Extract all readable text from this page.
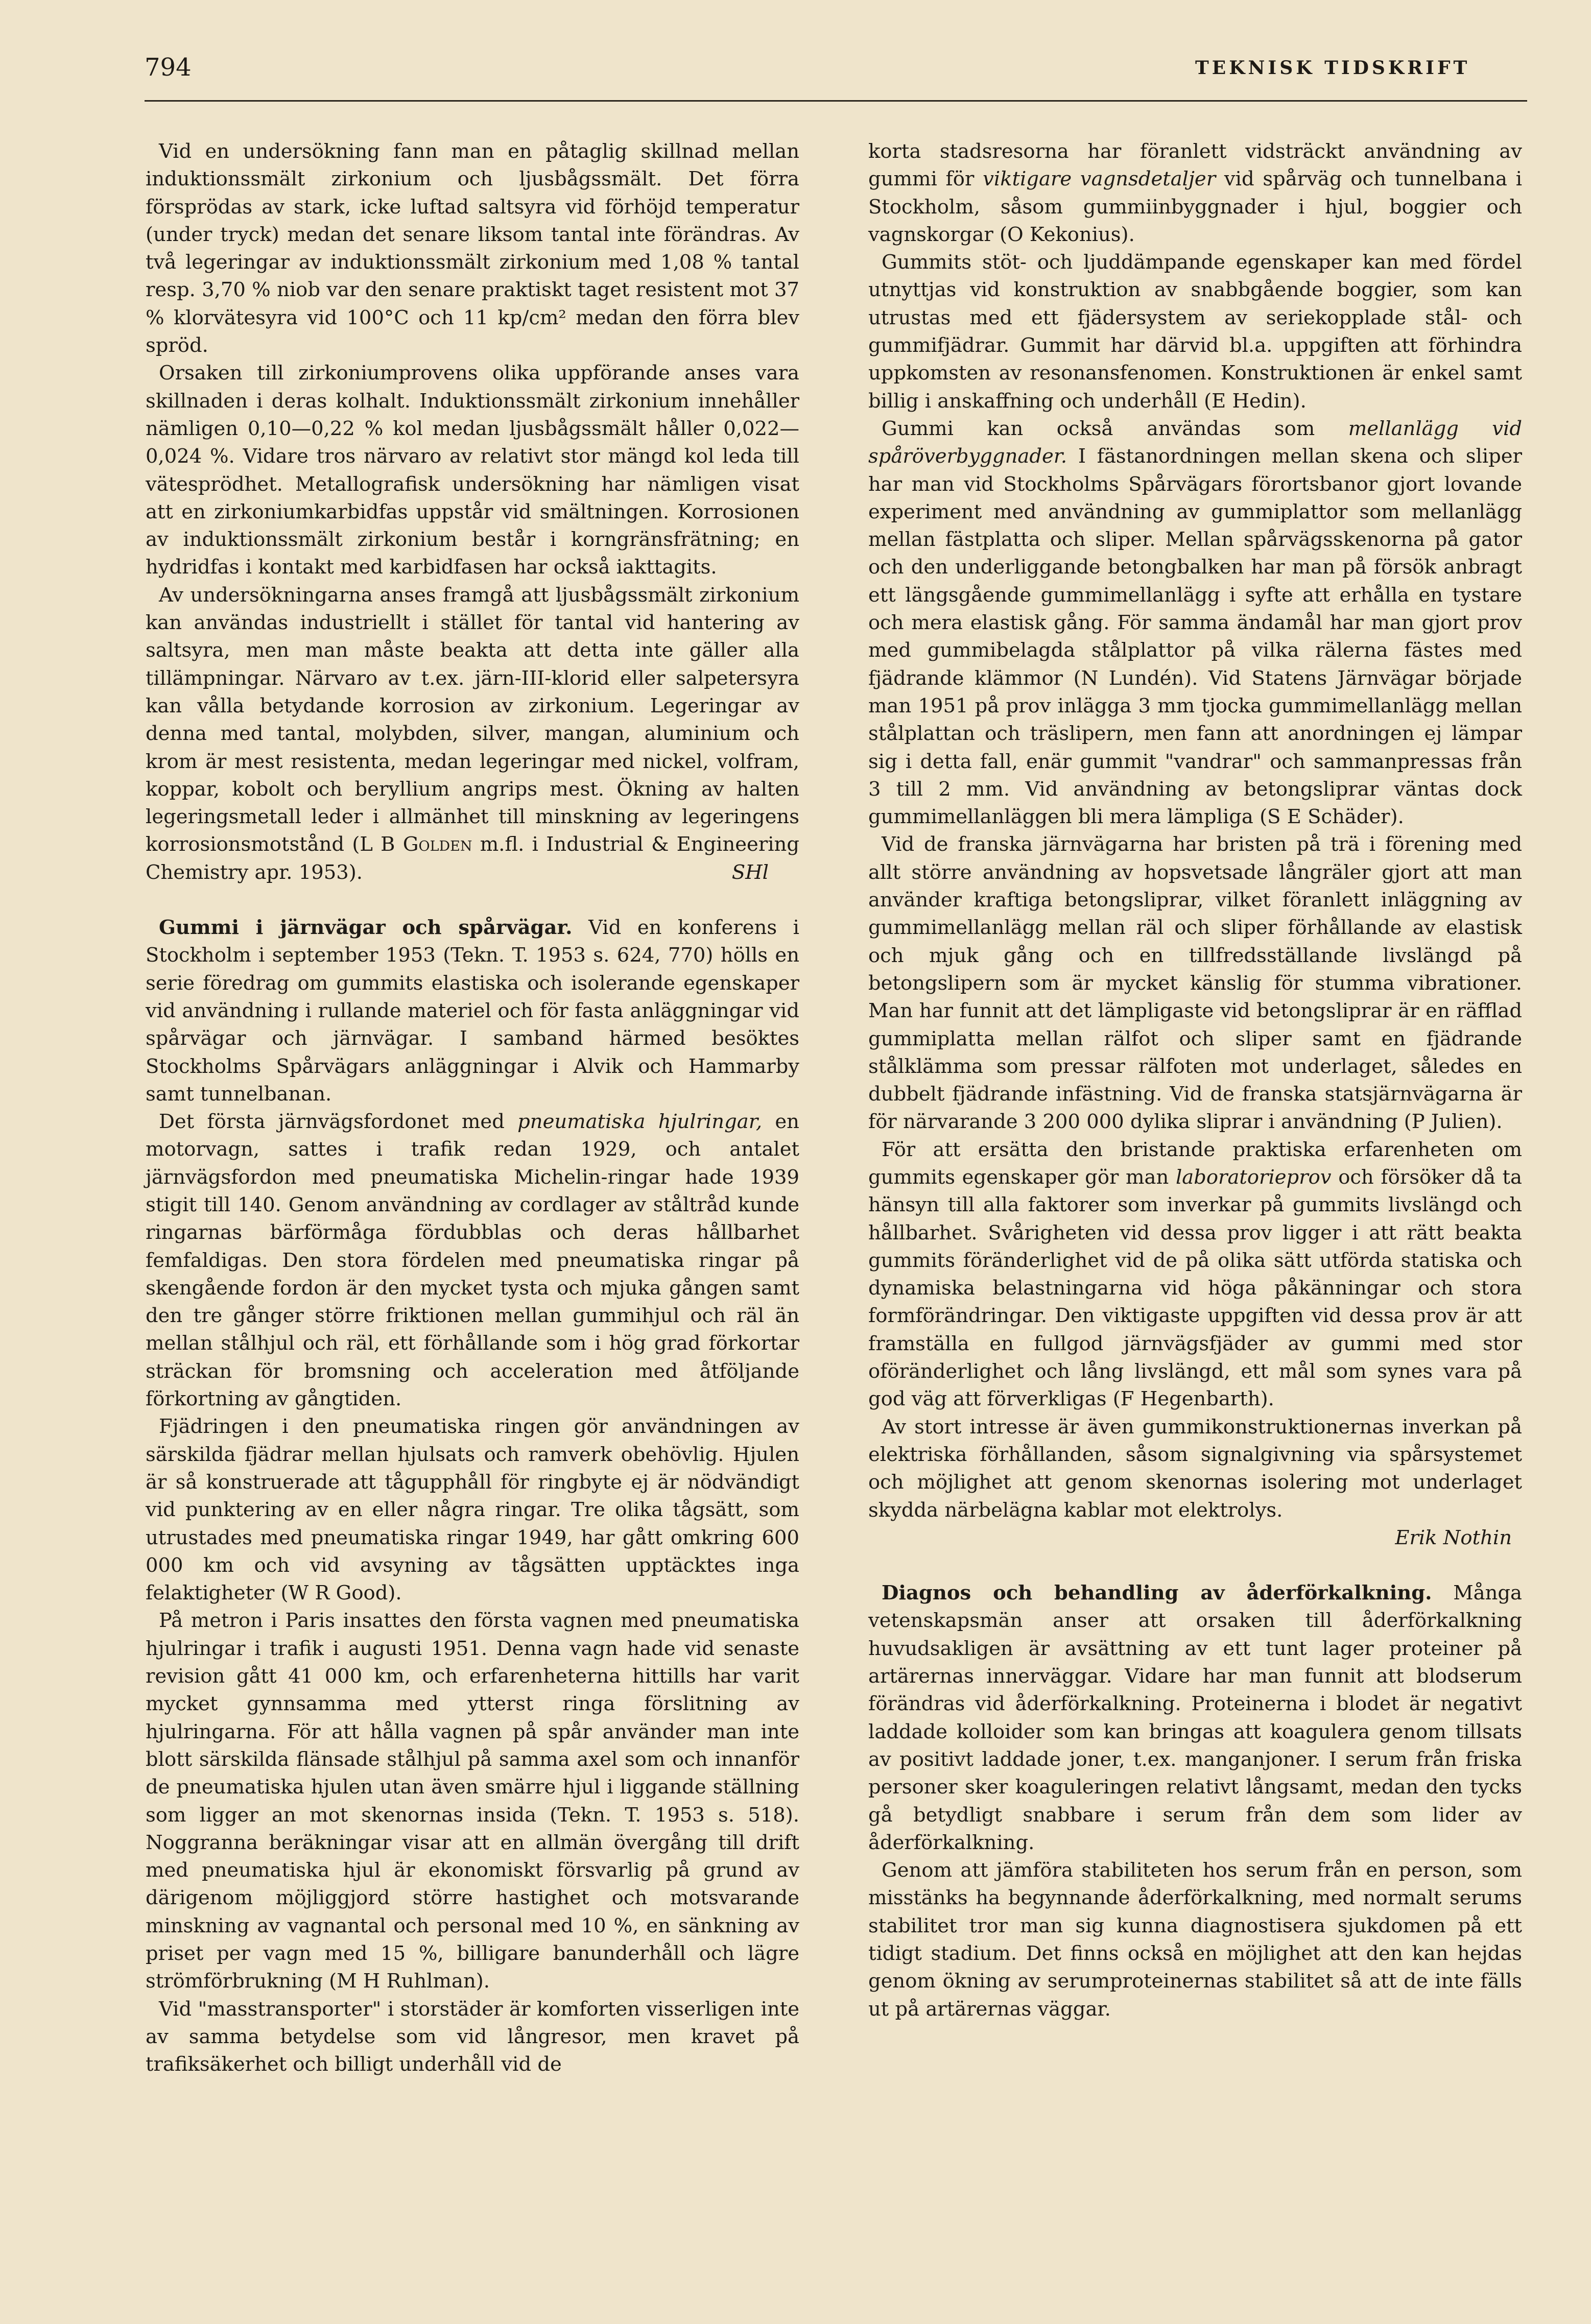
794	TEKNISK TIDSKRIFT

Vid en undersökning fann man en påtaglig skillnad mellan induktionssmält zirkonium och ljusbågssmält. Det förra försprödas av stark, icke luftad saltsyra vid förhöjd temperatur (under tryck) medan det senare liksom tantal inte förändras. Av två legeringar av induktionssmält zirkonium med 1,08 % tantal resp. 3,70 % niob var den senare praktiskt taget resistent mot 37 % klorvätesyra vid 100°C och 11 kp/cm² medan den förra blev spröd.

Orsaken till zirkoniumprovens olika uppförande anses vara skillnaden i deras kolhalt. Induktionssmält zirkonium innehåller nämligen 0,10—0,22 % kol medan ljusbågssmält håller 0,022—0,024 %. Vidare tros närvaro av relativt stor mängd kol leda till vätesprödhet. Metallografisk undersökning har nämligen visat att en zirkoniumkarbidfas uppstår vid smältningen. Korrosionen av induktionssmält zirkonium består i korngränsfrätning; en hydridfas i kontakt med karbidfasen har också iakttagits.

Av undersökningarna anses framgå att ljusbågssmält zirkonium kan användas industriellt i stället för tantal vid hantering av saltsyra, men man måste beakta att detta inte gäller alla tillämpningar. Närvaro av t.ex. järn-III-klorid eller salpetersyra kan vålla betydande korrosion av zirkonium. Legeringar av denna med tantal, molybden, silver, mangan, aluminium och krom är mest resistenta, medan legeringar med nickel, volfram, koppar, kobolt och beryllium angrips mest. Ökning av halten legeringsmetall leder i allmänhet till minskning av legeringens korrosionsmotstånd (L B Golden m.fl. i Industrial & Engineering Chemistry apr. 1953).	SHl

Gummi i järnvägar och spårvägar. Vid en konferens i Stockholm i september 1953 (Tekn. T. 1953 s. 624, 770) hölls en serie föredrag om gummits elastiska och isolerande egenskaper vid användning i rullande materiel och för fasta anläggningar vid spårvägar och järnvägar. I samband härmed besöktes Stockholms Spårvägars anläggningar i Alvik och Hammarby samt tunnelbanan.

Det första järnvägsfordonet med pneumatiska hjulringar, en motorvagn, sattes i trafik redan 1929, och antalet järnvägsfordon med pneumatiska Michelin-ringar hade 1939 stigit till 140. Genom användning av cordlager av ståltråd kunde ringarnas bärförmåga fördubblas och deras hållbarhet femfaldigas. Den stora fördelen med pneumatiska ringar på skengående fordon är den mycket tysta och mjuka gången samt den tre gånger större friktionen mellan gummihjul och räl än mellan stålhjul och räl, ett förhållande som i hög grad förkortar sträckan för bromsning och acceleration med åtföljande förkortning av gångtiden.

Fjädringen i den pneumatiska ringen gör användningen av särskilda fjädrar mellan hjulsats och ramverk obehövlig. Hjulen är så konstruerade att tågupphåll för ringbyte ej är nödvändigt vid punktering av en eller några ringar. Tre olika tågsätt, som utrustades med pneumatiska ringar 1949, har gått omkring 600 000 km och vid avsyning av tågsätten upptäcktes inga felaktigheter (W R Good).

På metron i Paris insattes den första vagnen med pneumatiska hjulringar i trafik i augusti 1951. Denna vagn hade vid senaste revision gått 41 000 km, och erfarenheterna hittills har varit mycket gynnsamma med ytterst ringa förslitning av hjulringarna. För att hålla vagnen på spår använder man inte blott särskilda flänsade stålhjul på samma axel som och innanför de pneumatiska hjulen utan även smärre hjul i liggande ställning som ligger an mot skenornas insida (Tekn. T. 1953 s. 518). Noggranna beräkningar visar att en allmän övergång till drift med pneumatiska hjul är ekonomiskt försvarlig på grund av därigenom möjliggjord större hastighet och motsvarande minskning av vagnantal och personal med 10 %, en sänkning av priset per vagn med 15 %, billigare banunderhåll och lägre strömförbrukning (M H Ruhlman).

Vid "masstransporter" i storstäder är komforten visserligen inte av samma betydelse som vid långresor, men kravet på trafiksäkerhet och billigt underhåll vid de

korta stadsresorna har föranlett vidsträckt användning av gummi för viktigare vagnsdetaljer vid spårväg och tunnelbana i Stockholm, såsom gummiinbyggnader i hjul, boggier och vagnskorgar (O Kekonius).

Gummits stöt- och ljuddämpande egenskaper kan med fördel utnyttjas vid konstruktion av snabbgående boggier, som kan utrustas med ett fjädersystem av seriekopplade stål- och gummifjädrar. Gummit har därvid bl.a. uppgiften att förhindra uppkomsten av resonansfenomen. Konstruktionen är enkel samt billig i anskaffning och underhåll (E Hedin).

Gummi kan också användas som mellanlägg vid spåröverbyggnader. I fästanordningen mellan skena och sliper har man vid Stockholms Spårvägars förortsbanor gjort lovande experiment med användning av gummiplattor som mellanlägg mellan fästplatta och sliper. Mellan spårvägsskenorna på gator och den underliggande betongbalken har man på försök anbragt ett längsgående gummimellanlägg i syfte att erhålla en tystare och mera elastisk gång. För samma ändamål har man gjort prov med gummibelagda stålplattor på vilka rälerna fästes med fjädrande klämmor (N Lundén). Vid Statens Järnvägar började man 1951 på prov inlägga 3 mm tjocka gummimellanlägg mellan stålplattan och träslipern, men fann att anordningen ej lämpar sig i detta fall, enär gummit "vandrar" och sammanpressas från 3 till 2 mm. Vid användning av betongsliprar väntas dock gummimellanläggen bli mera lämpliga (S E Schäder).

Vid de franska järnvägarna har bristen på trä i förening med allt större användning av hopsvetsade långräler gjort att man använder kraftiga betongsliprar, vilket föranlett inläggning av gummimellanlägg mellan räl och sliper förhållande av elastisk och mjuk gång och en tillfredsställande livslängd på betongslipern som är mycket känslig för stumma vibrationer. Man har funnit att det lämpligaste vid betongsliprar är en räfflad gummiplatta mellan rälfot och sliper samt en fjädrande stålklämma som pressar rälfoten mot underlaget, således en dubbelt fjädrande infästning. Vid de franska statsjärnvägarna är för närvarande 3 200 000 dylika sliprar i användning (P Julien).

För att ersätta den bristande praktiska erfarenheten om gummits egenskaper gör man laboratorieprov och försöker då ta hänsyn till alla faktorer som inverkar på gummits livslängd och hållbarhet. Svårigheten vid dessa prov ligger i att rätt beakta gummits föränderlighet vid de på olika sätt utförda statiska och dynamiska belastningarna vid höga påkänningar och stora formförändringar. Den viktigaste uppgiften vid dessa prov är att framställa en fullgod järnvägsfjäder av gummi med stor oföränderlighet och lång livslängd, ett mål som synes vara på god väg att förverkligas (F Hegenbarth).

Av stort intresse är även gummikonstruktionernas inverkan på elektriska förhållanden, såsom signalgivning via spårsystemet och möjlighet att genom skenornas isolering mot underlaget skydda närbelägna kablar mot elektrolys.

Erik Nothin

Diagnos och behandling av åderförkalkning. Många vetenskapsmän anser att orsaken till åderförkalkning huvudsakligen är avsättning av ett tunt lager proteiner på artärernas innerväggar. Vidare har man funnit att blodserum förändras vid åderförkalkning. Proteinerna i blodet är negativt laddade kolloider som kan bringas att koagulera genom tillsats av positivt laddade joner, t.ex. manganjoner. I serum från friska personer sker koaguleringen relativt långsamt, medan den tycks gå betydligt snabbare i serum från dem som lider av åderförkalkning.

Genom att jämföra stabiliteten hos serum från en person, som misstänks ha begynnande åderförkalkning, med normalt serums stabilitet tror man sig kunna diagnostisera sjukdomen på ett tidigt stadium. Det finns också en möjlighet att den kan hejdas genom ökning av serumproteinernas stabilitet så att de inte fälls ut på artärernas väggar.
